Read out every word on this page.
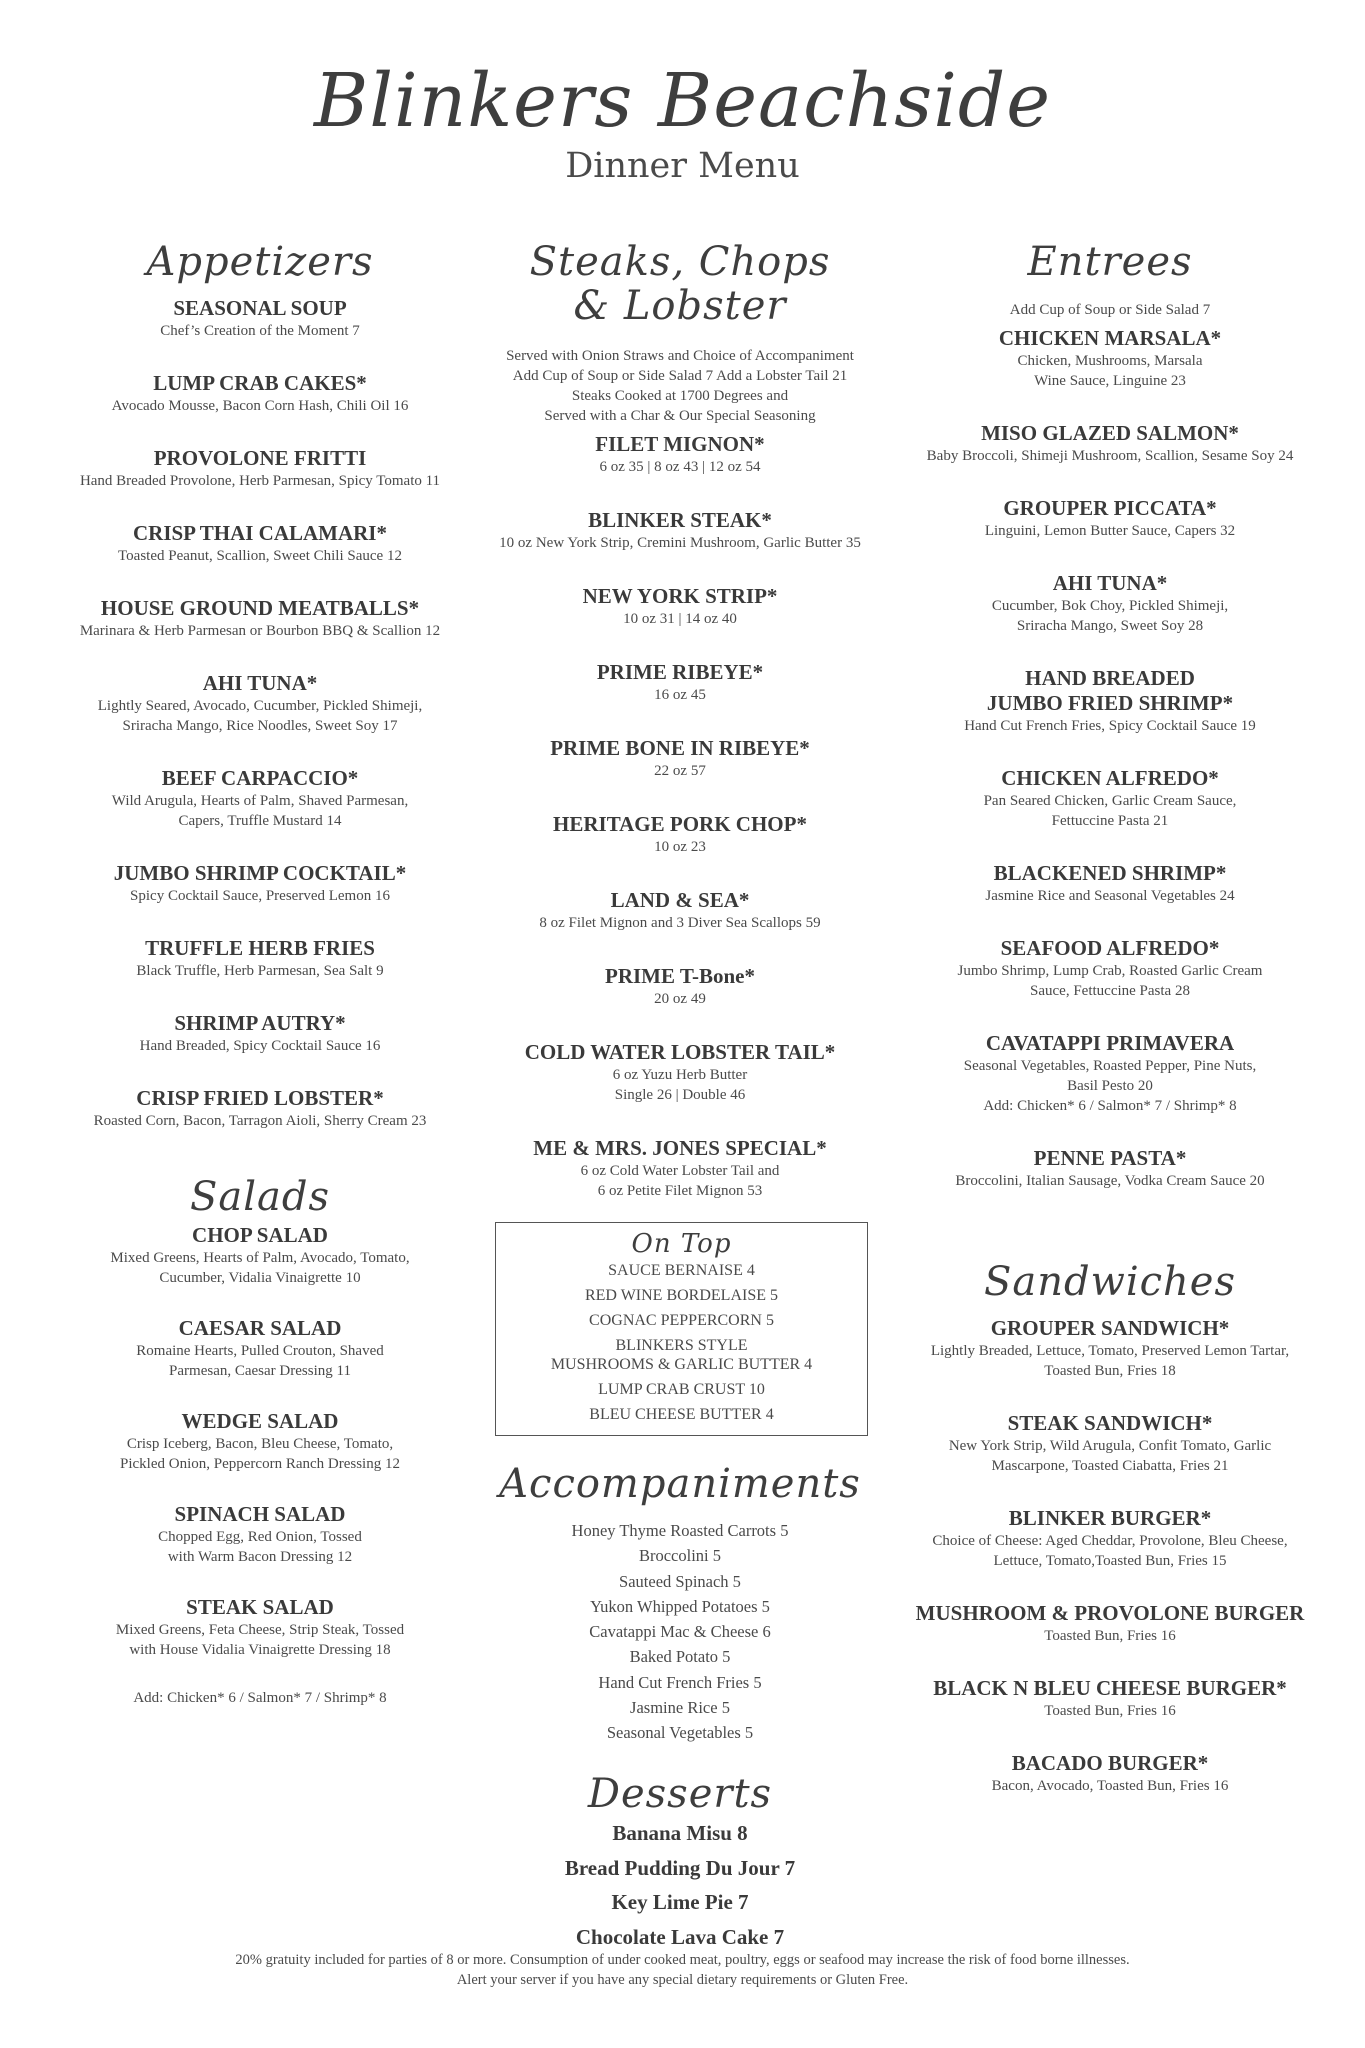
Blinkers Beachside
Dinner Menu
Appetizers
SEASONAL SOUP
Chef’s Creation of the Moment 7
LUMP CRAB CAKES*
Avocado Mousse, Bacon Corn Hash, Chili Oil 16
PROVOLONE FRITTI
Hand Breaded Provolone, Herb Parmesan, Spicy Tomato 11
CRISP THAI CALAMARI*
Toasted Peanut, Scallion, Sweet Chili Sauce 12
HOUSE GROUND MEATBALLS*
Marinara & Herb Parmesan or Bourbon BBQ & Scallion 12
AHI TUNA*
Lightly Seared, Avocado, Cucumber, Pickled Shimeji,
Sriracha Mango, Rice Noodles, Sweet Soy 17
BEEF CARPACCIO*
Wild Arugula, Hearts of Palm, Shaved Parmesan,
Capers, Truffle Mustard 14
JUMBO SHRIMP COCKTAIL*
Spicy Cocktail Sauce, Preserved Lemon 16
TRUFFLE HERB FRIES
Black Truffle, Herb Parmesan, Sea Salt 9
SHRIMP AUTRY*
Hand Breaded, Spicy Cocktail Sauce 16
CRISP FRIED LOBSTER*
Roasted Corn, Bacon, Tarragon Aioli, Sherry Cream 23
Salads
CHOP SALAD
Mixed Greens, Hearts of Palm, Avocado, Tomato,
Cucumber, Vidalia Vinaigrette 10
CAESAR SALAD
Romaine Hearts, Pulled Crouton, Shaved
Parmesan, Caesar Dressing 11
WEDGE SALAD
Crisp Iceberg, Bacon, Bleu Cheese, Tomato,
Pickled Onion, Peppercorn Ranch Dressing 12
SPINACH SALAD
Chopped Egg, Red Onion, Tossed
with Warm Bacon Dressing 12
STEAK SALAD
Mixed Greens, Feta Cheese, Strip Steak, Tossed
with House Vidalia Vinaigrette Dressing 18
Add: Chicken* 6 / Salmon* 7 / Shrimp* 8
Steaks, Chops
& Lobster
Served with Onion Straws and Choice of Accompaniment
Add Cup of Soup or Side Salad 7 Add a Lobster Tail 21
Steaks Cooked at 1700 Degrees and
Served with a Char & Our Special Seasoning
FILET MIGNON*
6 oz 35 | 8 oz 43 | 12 oz 54
BLINKER STEAK*
10 oz New York Strip, Cremini Mushroom, Garlic Butter 35
NEW YORK STRIP*
10 oz 31 | 14 oz 40
PRIME RIBEYE*
16 oz 45
PRIME BONE IN RIBEYE*
22 oz 57
HERITAGE PORK CHOP*
10 oz 23
LAND & SEA*
8 oz Filet Mignon and 3 Diver Sea Scallops 59
PRIME T-Bone*
20 oz 49
COLD WATER LOBSTER TAIL*
6 oz Yuzu Herb Butter
Single 26 | Double 46
ME & MRS. JONES SPECIAL*
6 oz Cold Water Lobster Tail and
6 oz Petite Filet Mignon 53
On Top
SAUCE BERNAISE 4
RED WINE BORDELAISE 5
COGNAC PEPPERCORN 5
BLINKERS STYLE
MUSHROOMS & GARLIC BUTTER 4
LUMP CRAB CRUST 10
BLEU CHEESE BUTTER 4
Accompaniments
Honey Thyme Roasted Carrots 5
Broccolini 5
Sauteed Spinach 5
Yukon Whipped Potatoes 5
Cavatappi Mac & Cheese 6
Baked Potato 5
Hand Cut French Fries 5
Jasmine Rice 5
Seasonal Vegetables 5
Desserts
Banana Misu 8
Bread Pudding Du Jour 7
Key Lime Pie 7
Chocolate Lava Cake 7
Entrees
Add Cup of Soup or Side Salad 7
CHICKEN MARSALA*
Chicken, Mushrooms, Marsala
Wine Sauce, Linguine 23
MISO GLAZED SALMON*
Baby Broccoli, Shimeji Mushroom, Scallion, Sesame Soy 24
GROUPER PICCATA*
Linguini, Lemon Butter Sauce, Capers 32
AHI TUNA*
Cucumber, Bok Choy, Pickled Shimeji,
Sriracha Mango, Sweet Soy 28
HAND BREADED
JUMBO FRIED SHRIMP*
Hand Cut French Fries, Spicy Cocktail Sauce 19
CHICKEN ALFREDO*
Pan Seared Chicken, Garlic Cream Sauce,
Fettuccine Pasta 21
BLACKENED SHRIMP*
Jasmine Rice and Seasonal Vegetables 24
SEAFOOD ALFREDO*
Jumbo Shrimp, Lump Crab, Roasted Garlic Cream
Sauce, Fettuccine Pasta 28
CAVATAPPI PRIMAVERA
Seasonal Vegetables, Roasted Pepper, Pine Nuts,
Basil Pesto 20
Add: Chicken* 6 / Salmon* 7 / Shrimp* 8
PENNE PASTA*
Broccolini, Italian Sausage, Vodka Cream Sauce 20
Sandwiches
GROUPER SANDWICH*
Lightly Breaded, Lettuce, Tomato, Preserved Lemon Tartar,
Toasted Bun, Fries 18
STEAK SANDWICH*
New York Strip, Wild Arugula, Confit Tomato, Garlic
Mascarpone, Toasted Ciabatta, Fries 21
BLINKER BURGER*
Choice of Cheese: Aged Cheddar, Provolone, Bleu Cheese,
Lettuce, Tomato,Toasted Bun, Fries 15
MUSHROOM & PROVOLONE BURGER
Toasted Bun, Fries 16
BLACK N BLEU CHEESE BURGER*
Toasted Bun, Fries 16
BACADO BURGER*
Bacon, Avocado, Toasted Bun, Fries 16
20% gratuity included for parties of 8 or more. Consumption of under cooked meat, poultry, eggs or seafood may increase the risk of food borne illnesses.
Alert your server if you have any special dietary requirements or Gluten Free.
